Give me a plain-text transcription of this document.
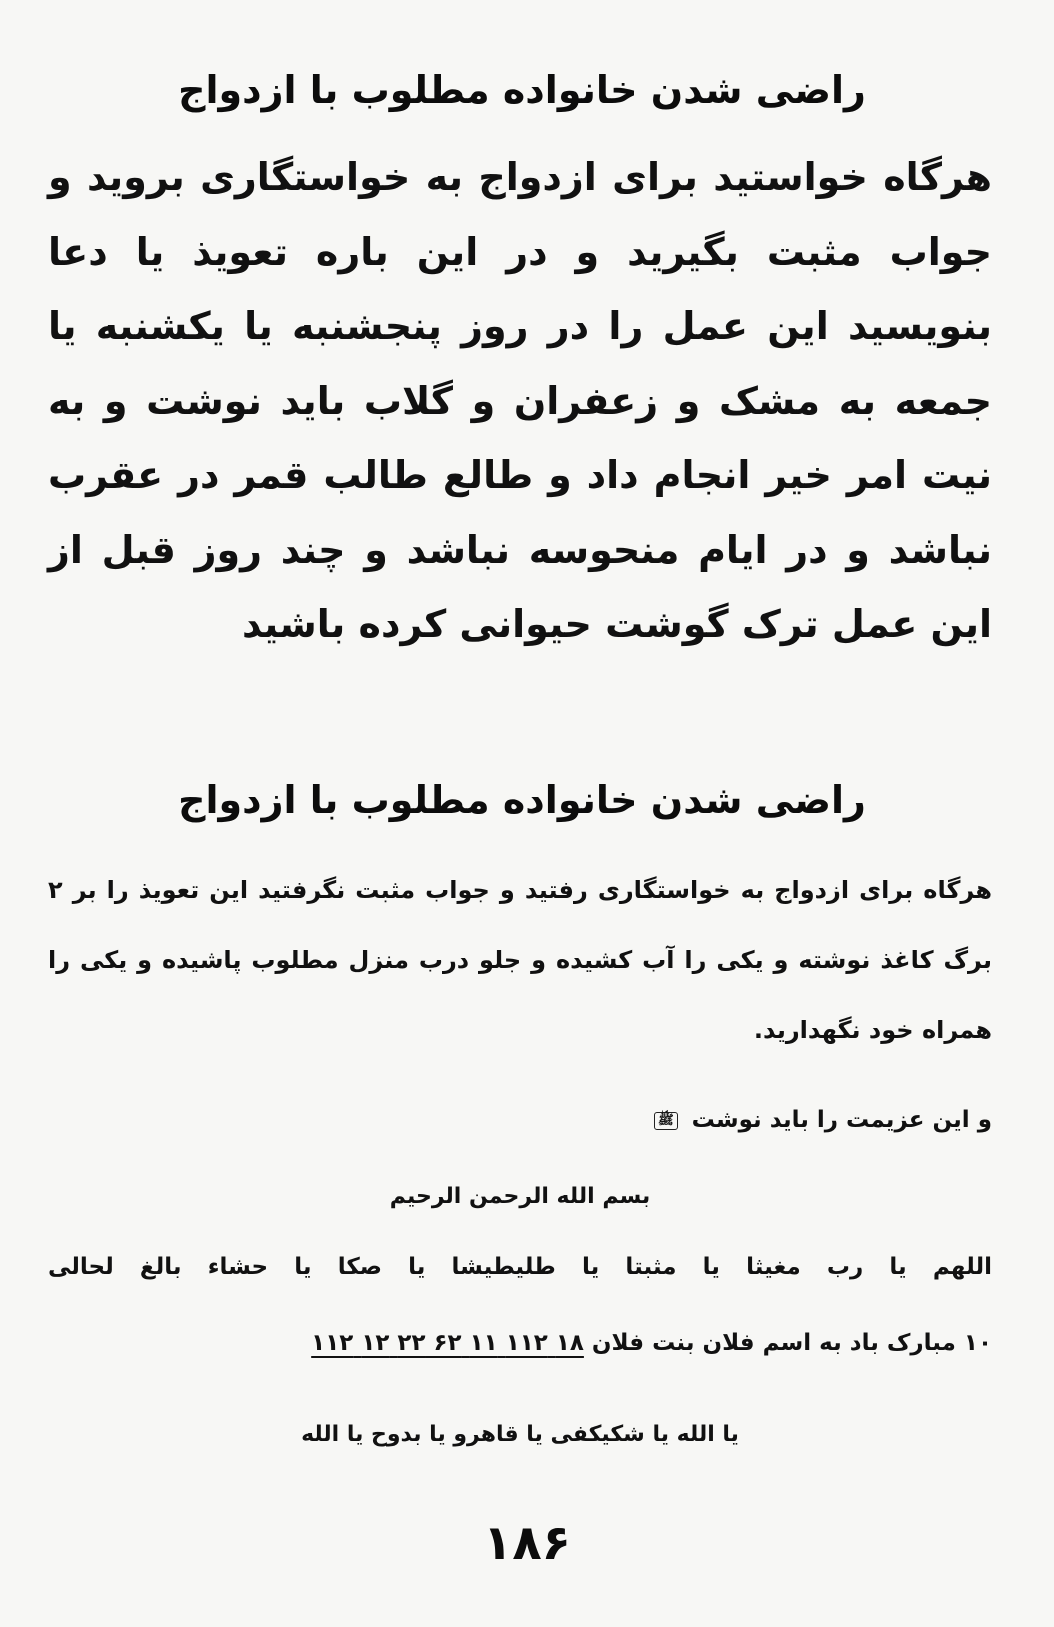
راضی شدن خانواده مطلوب با ازدواج

هرگاه خواستید برای ازدواج به خواستگاری بروید و جواب مثبت بگیرید و در این باره تعویذ یا دعا بنویسید این عمل را در روز پنجشنبه یا یکشنبه یا جمعه به مشک و زعفران و گلاب باید نوشت و به نیت امر خیر انجام داد و طالع طالب قمر در عقرب نباشد و در ایام منحوسه نباشد و چند روز قبل از این عمل ترک گوشت حیوانی کرده باشید

راضی شدن خانواده مطلوب با ازدواج

هرگاه برای ازدواج به خواستگاری رفتید و جواب مثبت نگرفتید این تعویذ را بر ۲ برگ کاغذ نوشته و یکی را آب کشیده و جلو درب منزل مطلوب پاشیده و یکی را همراه خود نگهدارید.

و این عزیمت را باید نوشت ﷺ
بسم الله الرحمن الرحیم
اللهم یا رب مغیثا یا مثبتا یا طلیطیشا یا صکا یا حشاء بالغ لحالی
۱۰ مبارک باد به اسم فلان بنت فلان ۱۸ ۱۱۲ ۱۱ ۶۲ ۲۲ ۱۲ ۱۱۲
یا الله یا شکیکفی یا قاهرو یا بدوح یا الله
۱۸۶
